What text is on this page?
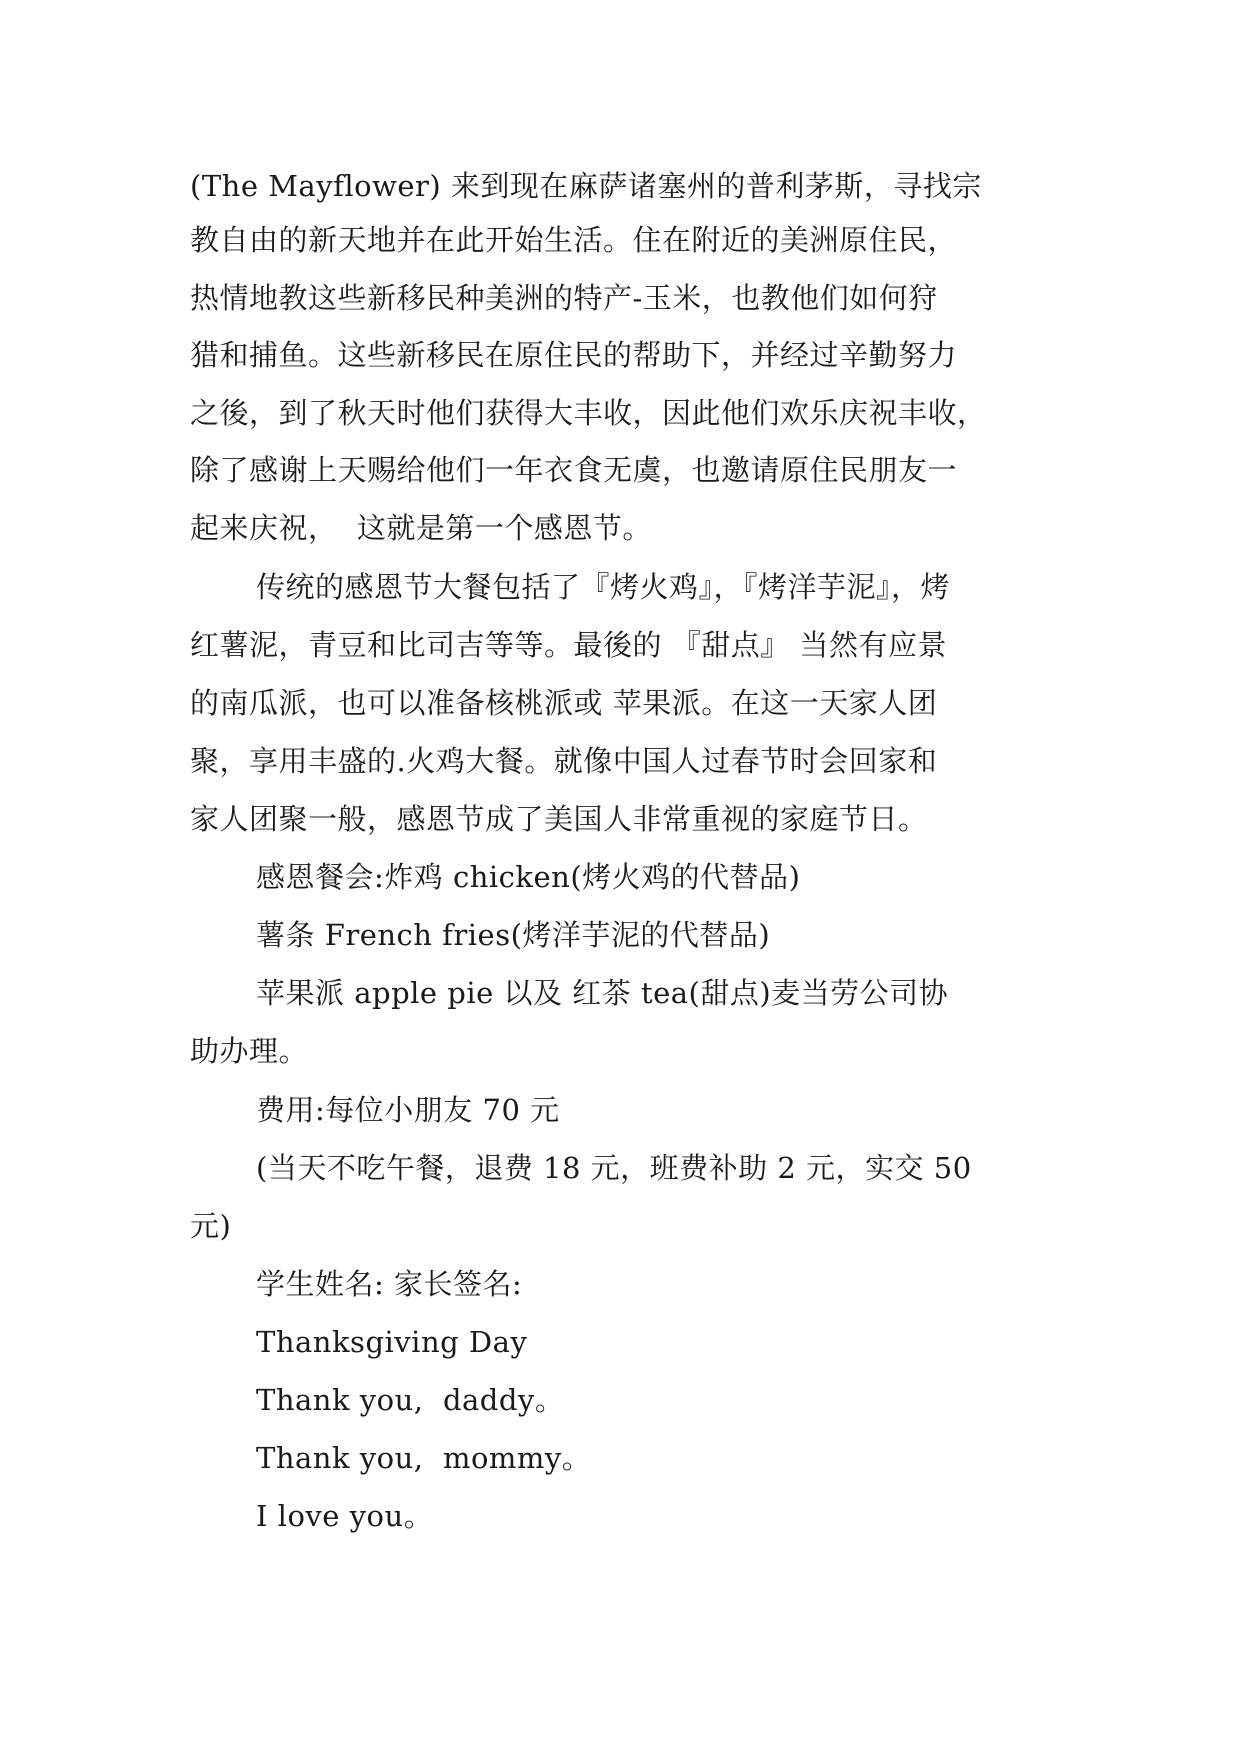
(The Mayflower) 来到现在麻萨诸塞州的普利茅斯，寻找宗
教自由的新天地并在此开始生活。住在附近的美洲原住民，
热情地教这些新移民种美洲的特产-玉米，也教他们如何狩
猎和捕鱼。这些新移民在原住民的帮助下，并经过辛勤努力
之後，到了秋天时他们获得大丰收，因此他们欢乐庆祝丰收，
除了感谢上天赐给他们一年衣食无虞，也邀请原住民朋友一
起来庆祝，  这就是第一个感恩节。
传统的感恩节大餐包括了『烤火鸡』，『烤洋芋泥』，烤
红薯泥，青豆和比司吉等等。最後的 『甜点』 当然有应景
的南瓜派，也可以准备核桃派或 苹果派。在这一天家人团
聚，享用丰盛的.火鸡大餐。就像中国人过春节时会回家和
家人团聚一般，感恩节成了美国人非常重视的家庭节日。
感恩餐会:炸鸡 chicken(烤火鸡的代替品)
薯条 French fries(烤洋芋泥的代替品)
苹果派 apple pie 以及 红茶 tea(甜点)麦当劳公司协
助办理。
费用:每位小朋友 70 元
(当天不吃午餐，退费 18 元，班费补助 2 元，实交 50
元)
学生姓名: 家长签名:
Thanksgiving Day
Thank you,  daddy。
Thank you,  mommy。
I love you。
